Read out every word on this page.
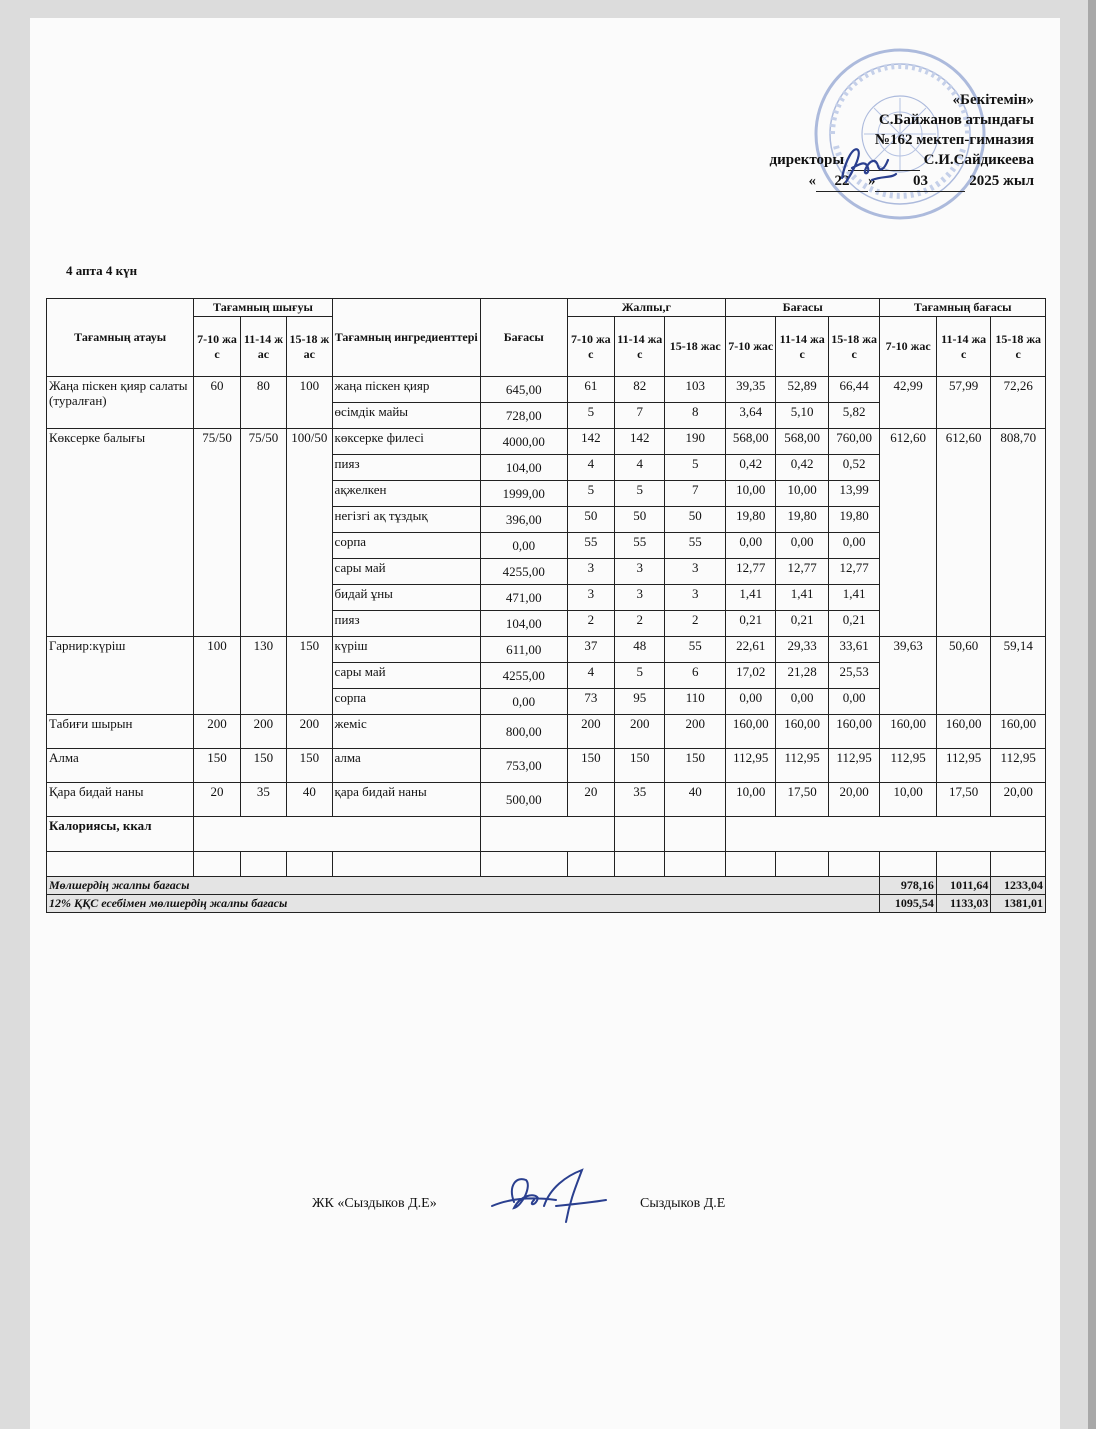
«Бекітемін»
С.Байжанов атындағы
№162 мектеп-гимназия
директоры	С.И.Сайдикеева
« 22 »	03	2025 жыл
4 апта 4 күн
Тағамның атауы	Тағамның шығуы			Тағамның ингредиенттері	Бағасы	Жалпы,г			Бағасы			Тағамның бағасы		
	7-10 жас	11-14 жас	15-18 жас			7-10 жас	11-14 жас	15-18 жас	7-10 жас	11-14 жас	15-18 жас	7-10 жас	11-14 жас	15-18 жас
Жаңа піскен қияр салаты (туралған)	60	80	100	жаңа піскен қияр	645,00	61	82	103	39,35	52,89	66,44	42,99	57,99	72,26
				өсімдік майы	728,00	5	7	8	3,64	5,10	5,82			
Көксерке балығы	75/50	75/50	100/50	көксерке филесі	4000,00	142	142	190	568,00	568,00	760,00	612,60	612,60	808,70
				пияз	104,00	4	4	5	0,42	0,42	0,52			
				ақжелкен	1999,00	5	5	7	10,00	10,00	13,99			
				негізгі ақ тұздық	396,00	50	50	50	19,80	19,80	19,80			
				сорпа	0,00	55	55	55	0,00	0,00	0,00			
				сары май	4255,00	3	3	3	12,77	12,77	12,77			
				бидай ұны	471,00	3	3	3	1,41	1,41	1,41			
				пияз	104,00	2	2	2	0,21	0,21	0,21			
Гарнир:күріш	100	130	150	күріш	611,00	37	48	55	22,61	29,33	33,61	39,63	50,60	59,14
				сары май	4255,00	4	5	6	17,02	21,28	25,53			
				сорпа	0,00	73	95	110	0,00	0,00	0,00			
Табиғи шырын	200	200	200	жеміс	800,00	200	200	200	160,00	160,00	160,00	160,00	160,00	160,00
Алма	150	150	150	алма	753,00	150	150	150	112,95	112,95	112,95	112,95	112,95	112,95
Қара бидай наны	20	35	40	қара бидай наны	500,00	20	35	40	10,00	17,50	20,00	10,00	17,50	20,00
Калориясы, ккал														

Мөлшердің жалпы бағасы												978,16	1011,64	1233,04
12% ҚҚС есебімен мөлшердің жалпы бағасы												1095,54	1133,03	1381,01
ЖК «Сыздыков Д.Е»	Сыздыков Д.Е
